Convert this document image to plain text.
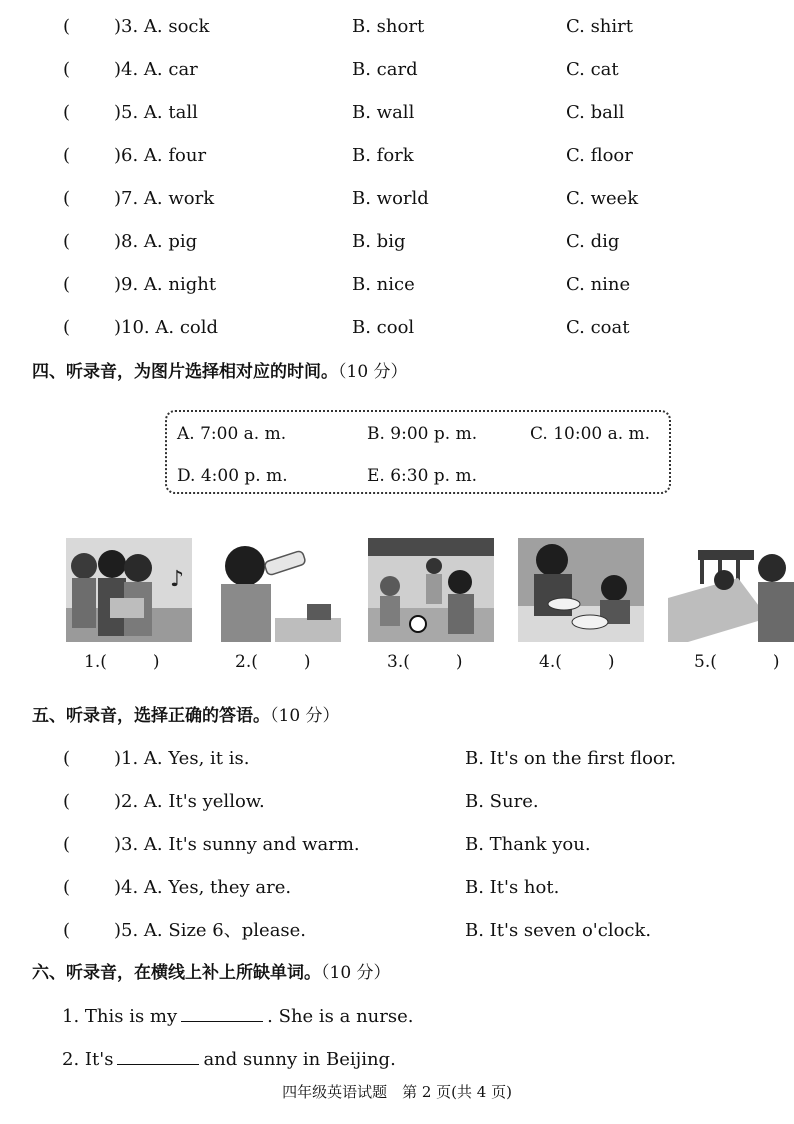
( )3. A. sock	B. short	C. shirt
( )4. A. car	B. card	C. cat
( )5. A. tall	B. wall	C. ball
( )6. A. four	B. fork	C. floor
( )7. A. work	B. world	C. week
( )8. A. pig	B. big	C. dig
( )9. A. night	B. nice	C. nine
( )10. A. cold	B. cool	C. coat
四、听录音，为图片选择相对应的时间。（10 分）
A. 7:00 a. m.	B. 9:00 p. m.	C. 10:00 a. m.
D. 4:00 p. m.	E. 6:30 p. m.
♪
1.(	)	2.(	)	3.(	)	4.(	)	5.(	)
五、听录音，选择正确的答语。（10 分）
( )1. A. Yes, it is.	B. It's on the first floor.
( )2. A. It's yellow.	B. Sure.
( )3. A. It's sunny and warm.	B. Thank you.
( )4. A. Yes, they are.	B. It's hot.
( )5. A. Size 6、please.	B. It's seven o'clock.
六、听录音，在横线上补上所缺单词。（10 分）
1. This is my	. She is a nurse.
2. It's	and sunny in Beijing.
四年级英语试题　第 2 页(共 4 页)
